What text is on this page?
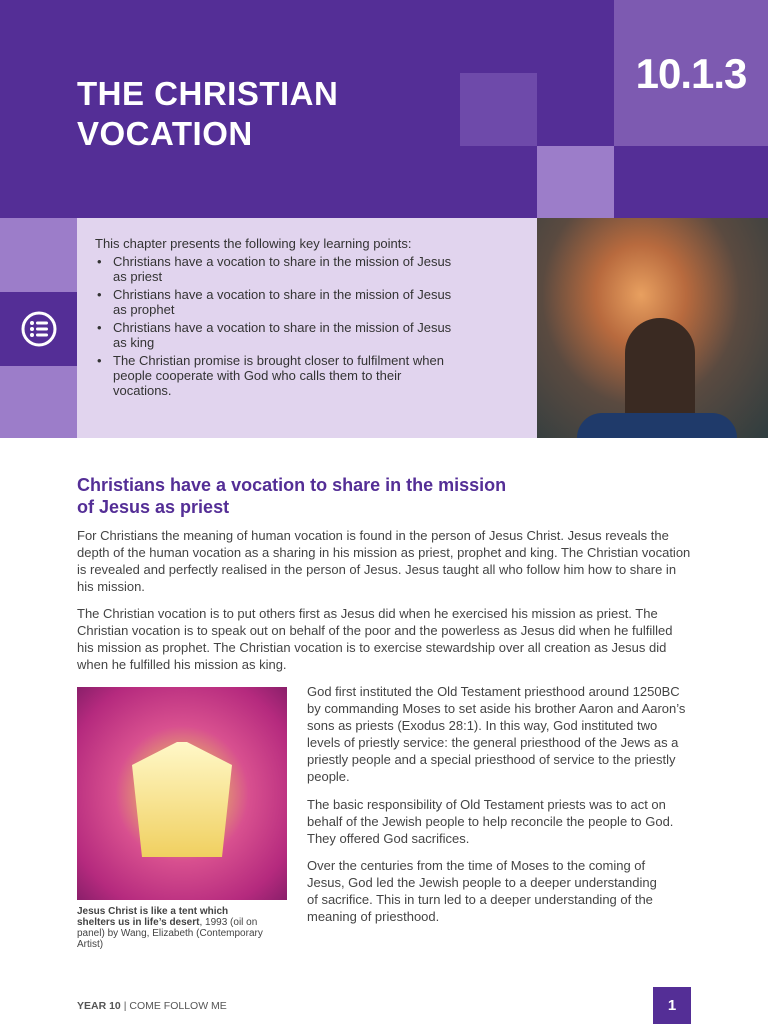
THE CHRISTIAN
VOCATION
10.1.3
This chapter presents the following key learning points:
• Christians have a vocation to share in the mission of Jesus as priest
• Christians have a vocation to share in the mission of Jesus as prophet
• Christians have a vocation to share in the mission of Jesus as king
• The Christian promise is brought closer to fulfilment when people cooperate with God who calls them to their vocations.
Christians have a vocation to share in the mission of Jesus as priest
For Christians the meaning of human vocation is found in the person of Jesus Christ. Jesus reveals the depth of the human vocation as a sharing in his mission as priest, prophet and king. The Christian vocation is revealed and perfectly realised in the person of Jesus. Jesus taught all who follow him how to share in his mission.
The Christian vocation is to put others first as Jesus did when he exercised his mission as priest. The Christian vocation is to speak out on behalf of the poor and the powerless as Jesus did when he fulfilled his mission as prophet. The Christian vocation is to exercise stewardship over all creation as Jesus did when he fulfilled his mission as king.
Jesus Christ is like a tent which shelters us in life’s desert, 1993 (oil on panel) by Wang, Elizabeth (Contemporary Artist)
God first instituted the Old Testament priesthood around 1250BC by commanding Moses to set aside his brother Aaron and Aaron’s sons as priests (Exodus 28:1). In this way, God instituted two levels of priestly service: the general priesthood of the Jews as a priestly people and a special priesthood of service to the priestly people.
The basic responsibility of Old Testament priests was to act on behalf of the Jewish people to help reconcile the people to God. They offered God sacrifices.
Over the centuries from the time of Moses to the coming of Jesus, God led the Jewish people to a deeper understanding of sacrifice. This in turn led to a deeper understanding of the meaning of priesthood.
YEAR 10 | COME FOLLOW ME	1
